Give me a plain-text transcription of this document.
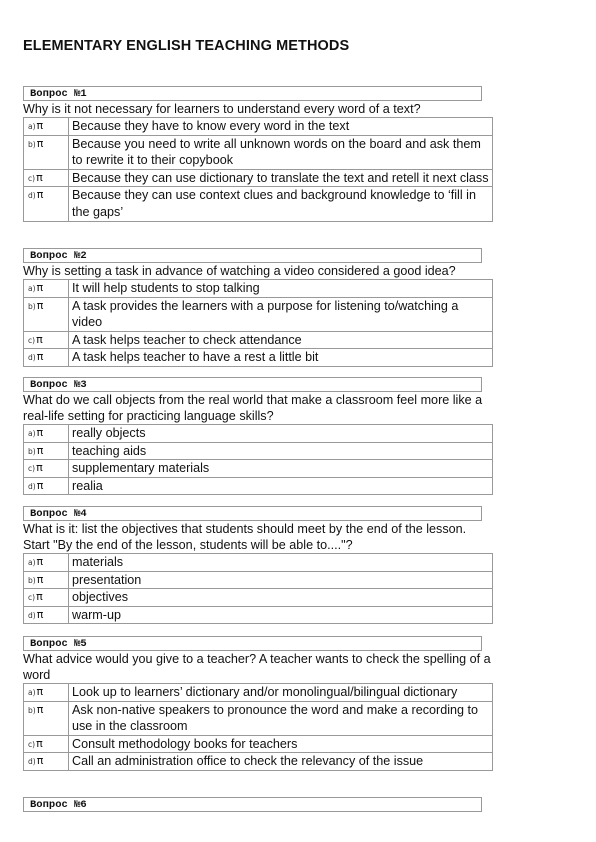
ELEMENTARY ENGLISH TEACHING METHODS
Вопрос №1

Why is it not necessary for learners to understand every word of a text?

a)π	Because they have to know every word in the text
b)π	Because you need to write all unknown words on the board and ask them to rewrite it to their copybook
c)π	Because they can use dictionary to translate the text and retell it next class
d)π	Because they can use context clues and background knowledge to ‘fill in the gaps’
Вопрос №2

Why is setting a task in advance of watching a video considered a good idea?

a)π	It will help students to stop talking
b)π	A task provides the learners with a purpose for listening to/watching a video
c)π	A task helps teacher to check attendance
d)π	A task helps teacher to have a rest a little bit
Вопрос №3

What do we call objects from the real world that make a classroom feel more like a real-life setting for practicing language skills?

a)π	really objects
b)π	teaching aids
c)π	supplementary materials
d)π	realia
Вопрос №4

What is it: list the objectives that students should meet by the end of the lesson. Start "By the end of the lesson, students will be able to...."?

a)π	materials
b)π	presentation
c)π	objectives
d)π	warm-up
Вопрос №5

What advice would you give to a teacher? A teacher wants to check the spelling of a word

a)π	Look up to learners’ dictionary and/or monolingual/bilingual dictionary
b)π	Ask non-native speakers to pronounce the word and make a recording to use in the classroom
c)π	Consult methodology books for teachers
d)π	Call an administration office to check the relevancy of the issue
Вопрос №6
